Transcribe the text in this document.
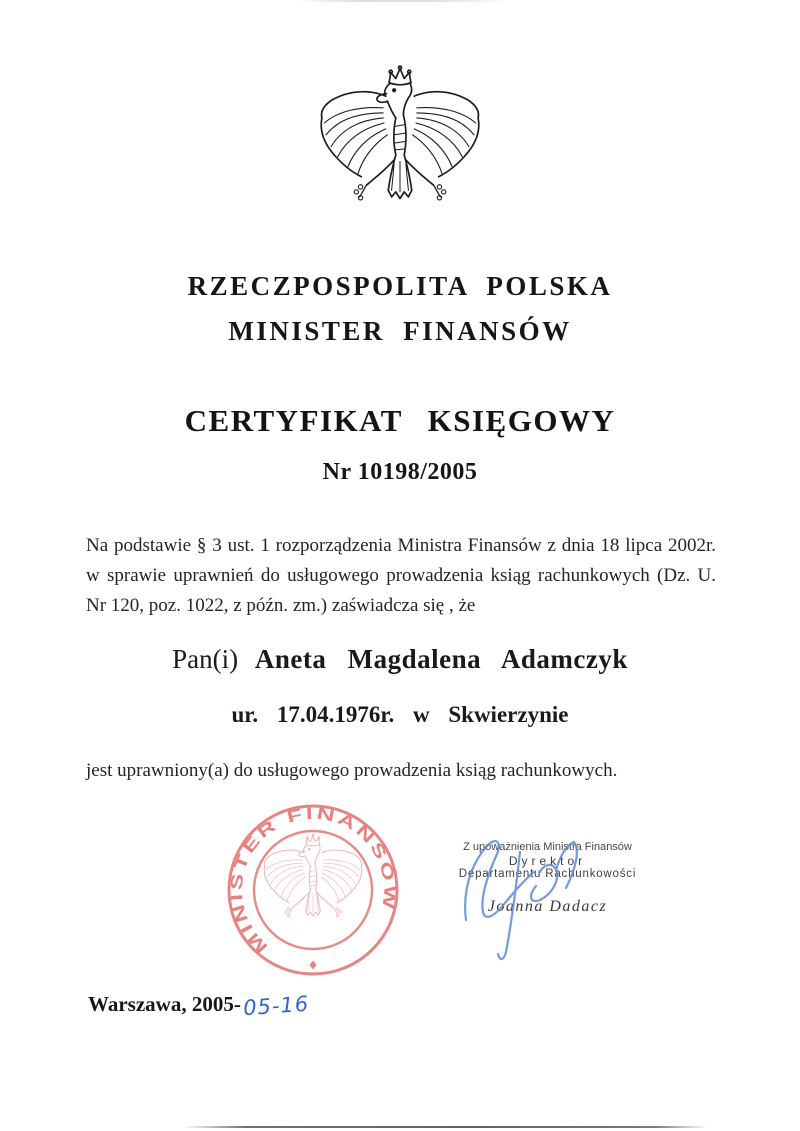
RZECZPOSPOLITA POLSKA
MINISTER FINANSÓW
CERTYFIKAT KSIĘGOWY
Nr 10198/2005

Na podstawie § 3 ust. 1 rozporządzenia Ministra Finansów z dnia 18 lipca 2002r. w sprawie uprawnień do usługowego prowadzenia ksiąg rachunkowych (Dz. U. Nr 120, poz. 1022, z późn. zm.) zaświadcza się , że

Pan(i) Aneta Magdalena Adamczyk
ur. 17.04.1976r. w Skwierzynie

jest uprawniony(a) do usługowego prowadzenia ksiąg rachunkowych.

MINISTER FINANSÓW
Z upoważnienia Ministra Finansów
Dyrektor
Departamentu Rachunkowości
Joanna Dadacz
Warszawa, 2005-05-16
